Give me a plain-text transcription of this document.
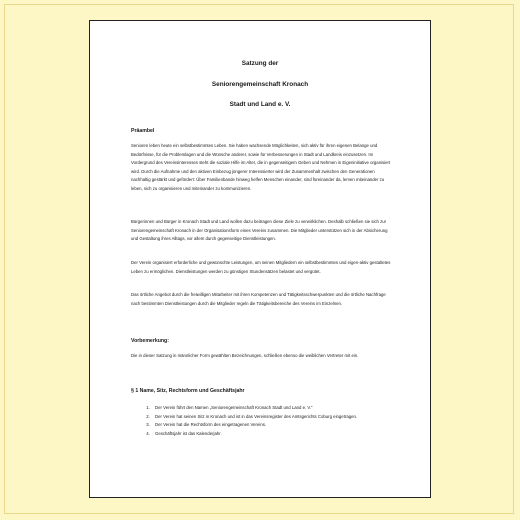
Satzung der
Seniorengemeinschaft Kronach
Stadt und Land e. V.
Präambel

Senioren leben heute ein selbstbestimmtes Leben. Sie haben wachsende Möglichkeiten, sich aktiv für ihren eigenen Belange und Bedürfnisse, für die Problemlagen und die Wünsche anderer, sowie für Verbesserungen in Stadt und Landkreis einzusetzen. Im Vordergrund des Vereinsinteresses steht die soziale Hilfe im Alter, die in gegenseitigem Geben und Nehmen in Eigeninitiative organisiert wird. Durch die Aufnahme und den aktiven Einbezug jüngerer Interessierter wird der Zusammenhalt zwischen den Generationen nachhaltig gestärkt und gefördert: Über Familienbande hinweg helfen Menschen einander, sind füreinander da, lernen miteinander zu leben, sich zu organisieren und miteinander zu kommunizieren.

Bürgerinnen und Bürger in Kronach Stadt und Land wollen dazu beitragen diese Ziele zu verwirklichen. Deshalb schließen sie sich zur Seniorengemeinschaft Kronach in der Organisationsform eines Vereins zusammen. Die Mitglieder unterstützen sich in der Absicherung und Gestaltung ihres Alltags, vor allem durch gegenseitige Dienstleistungen.

Der Verein organisiert erforderliche und gewünschte Leistungen, um seinen Mitgliedern ein selbstbestimmtes und eigen-aktiv gestaltetes Leben zu ermöglichen. Dienstleistungen werden zu günstigen Stundensätzen belastet und vergütet.

Das örtliche Angebot durch die freiwilligen Mitarbeiter mit ihren Kompetenzen und Tätigkeitsschwerpunkten und die örtliche Nachfrage nach bestimmten Dienstleistungen durch die Mitglieder regeln die Tätigkeitsbereiche des Vereins im Einzelnen.

Vorbemerkung:

Die in dieser Satzung in männlicher Form gewählten Bezeichnungen, schließen ebenso die weiblichen Vertreter mit ein.

§ 1 Name, Sitz, Rechtsform und Geschäftsjahr
1. Der Verein führt den Namen „Seniorengemeinschaft Kronach Stadt und Land e. V.“
2. Der Verein hat seinen Sitz in Kronach und ist in das Vereinsregister des Amtsgerichts Coburg eingetragen.
3. Der Verein hat die Rechtsform des eingetragenen Vereins.
4. Geschäftsjahr ist das Kalenderjahr.
